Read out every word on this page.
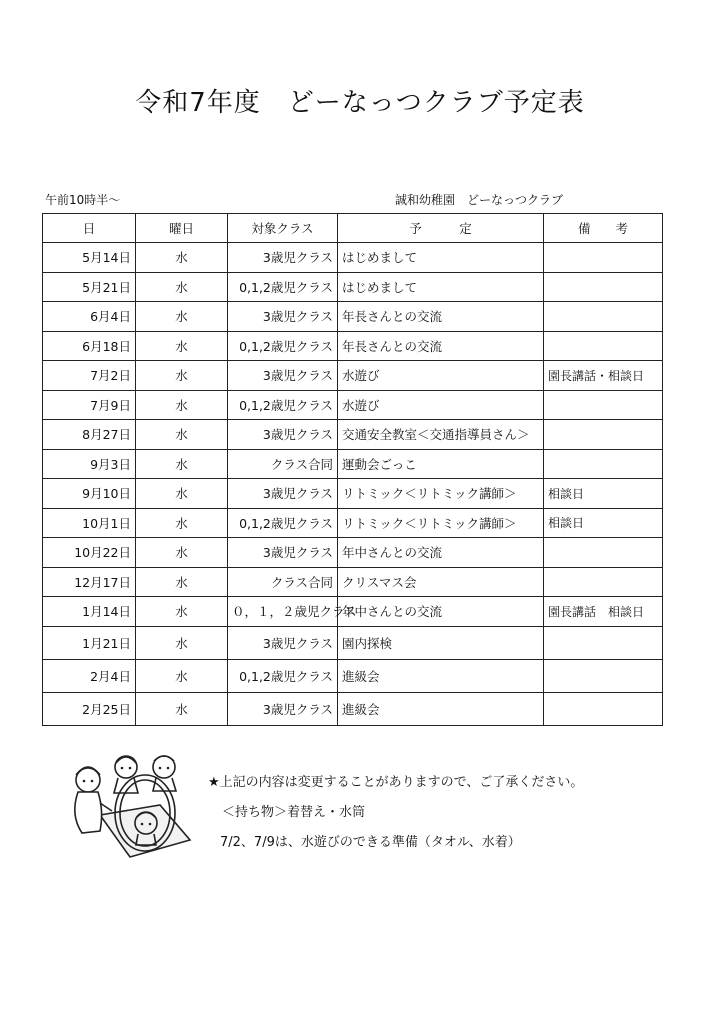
令和7年度　どーなっつクラブ予定表
午前10時半～	誠和幼稚園　どーなっつクラブ
日	曜日	対象クラス	予　　　定	備　　考
5月14日	水	3歳児クラス	はじめまして	
5月21日	水	0,1,2歳児クラス	はじめまして	
6月4日	水	3歳児クラス	年長さんとの交流	
6月18日	水	0,1,2歳児クラス	年長さんとの交流	
7月2日	水	3歳児クラス	水遊び	園長講話・相談日
7月9日	水	0,1,2歳児クラス	水遊び	
8月27日	水	3歳児クラス	交通安全教室＜交通指導員さん＞	
9月3日	水	クラス合同	運動会ごっこ	
9月10日	水	3歳児クラス	リトミック＜リトミック講師＞	相談日
10月1日	水	0,1,2歳児クラス	リトミック＜リトミック講師＞	相談日
10月22日	水	3歳児クラス	年中さんとの交流	
12月17日	水	クラス合同	クリスマス会	
1月14日	水	０，１，２歳児クラス	年中さんとの交流	園長講話　相談日
1月21日	水	3歳児クラス	園内探検	
2月4日	水	0,1,2歳児クラス	進級会	
2月25日	水	3歳児クラス	進級会	
★上記の内容は変更することがありますので、ご了承ください。
＜持ち物＞着替え・水筒
7/2、7/9は、水遊びのできる準備（タオル、水着）
